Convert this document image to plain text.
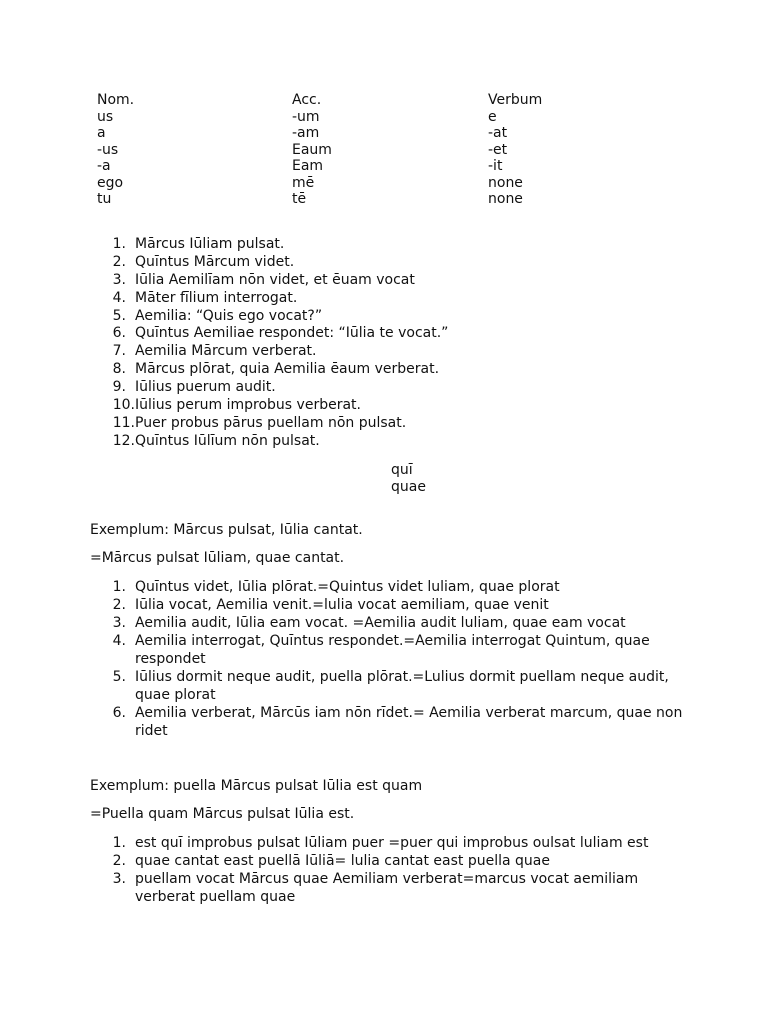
Nom.	Acc.	Verbum
us	-um	e
a	-am	-at
-us	Eaum	-et
-a	Eam	-it
ego	mē	none
tu	tē	none
1. Mārcus Iūliam pulsat.
2. Quīntus Mārcum videt.
3. Iūlia Aemilīam nōn videt, et ēuam vocat
4. Māter fīlium interrogat.
5. Aemilia: “Quis ego vocat?”
6. Quīntus Aemiliae respondet: “Iūlia te vocat.”
7. Aemilia Mārcum verberat.
8. Mārcus plōrat, quia Aemilia ēaum verberat.
9. Iūlius puerum audit.
10. Iūlius perum improbus verberat.
11. Puer probus pārus puellam nōn pulsat.
12. Quīntus Iūlīum nōn pulsat.
quī
quae
Exemplum: Mārcus pulsat, Iūlia cantat.
=Mārcus pulsat Iūliam, quae cantat.
1. Quīntus videt, Iūlia plōrat.=Quintus videt luliam, quae plorat
2. Iūlia vocat, Aemilia venit.=lulia vocat aemiliam, quae venit
3. Aemilia audit, Iūlia eam vocat. =Aemilia audit luliam, quae eam vocat
4. Aemilia interrogat, Quīntus respondet.=Aemilia interrogat Quintum, quae respondet
5. Iūlius dormit neque audit, puella plōrat.=Lulius dormit puellam neque audit, quae plorat
6. Aemilia verberat, Mārcūs iam nōn rīdet.= Aemilia verberat marcum, quae non ridet
Exemplum: puella Mārcus pulsat Iūlia est quam
=Puella quam Mārcus pulsat Iūlia est.
1. est quī improbus pulsat Iūliam puer =puer qui improbus oulsat luliam est
2. quae cantat east puellā Iūliā= lulia cantat east puella quae
3. puellam vocat Mārcus quae Aemiliam verberat=marcus vocat aemiliam verberat puellam quae
